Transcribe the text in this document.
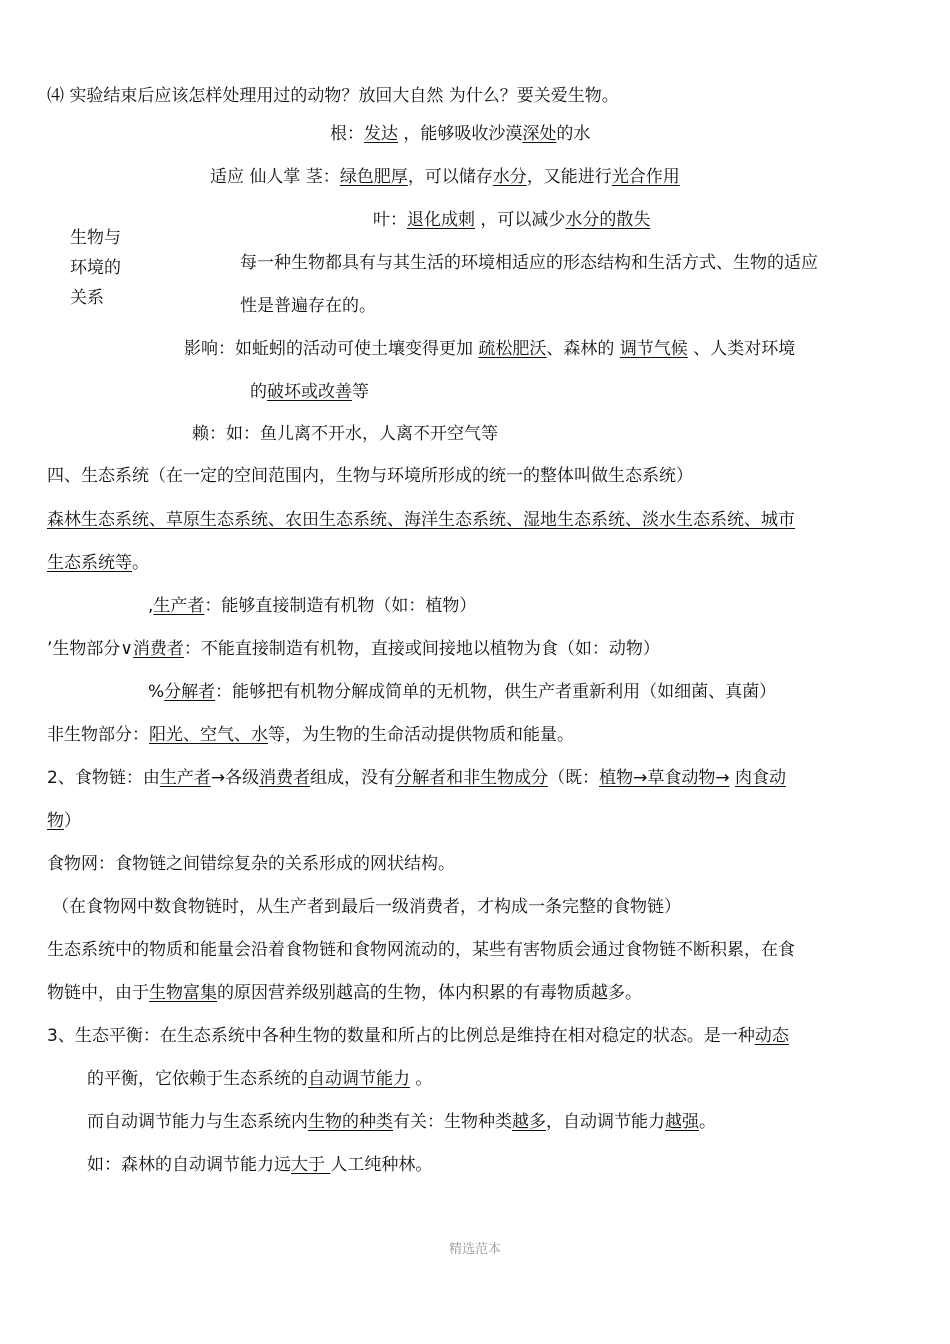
⑷ 实验结束后应该怎样处理用过的动物？放回大自然 为什么？要关爱生物。
根：发达 ，能够吸收沙漠深处的水
适应 仙人掌 茎：绿色肥厚，可以储存水分，又能进行光合作用
叶：退化成刺 ，可以减少水分的散失
生物与
环境的
关系
每一种生物都具有与其生活的环境相适应的形态结构和生活方式、生物的适应
性是普遍存在的。
影响：如蚯蚓的活动可使土壤变得更加 疏松肥沃、森林的 调节气候 、人类对环境
的破坏或改善等
赖：如：鱼儿离不开水，人离不开空气等
四、生态系统（在一定的空间范围内，生物与环境所形成的统一的整体叫做生态系统）
森林生态系统、草原生态系统、农田生态系统、海洋生态系统、湿地生态系统、淡水生态系统、城市
生态系统等。
,生产者：能够直接制造有机物（如：植物）
’生物部分∨消费者：不能直接制造有机物，直接或间接地以植物为食（如：动物）
%分解者：能够把有机物分解成简单的无机物，供生产者重新利用（如细菌、真菌）
非生物部分：阳光、空气、水等，为生物的生命活动提供物质和能量。
2、食物链：由生产者→各级消费者组成，没有分解者和非生物成分（既：植物→草食动物→ 肉食动
物）
食物网：食物链之间错综复杂的关系形成的网状结构。
（在食物网中数食物链时，从生产者到最后一级消费者，才构成一条完整的食物链）
生态系统中的物质和能量会沿着食物链和食物网流动的，某些有害物质会通过食物链不断积累，在食
物链中，由于生物富集的原因营养级别越高的生物，体内积累的有毒物质越多。
3、生态平衡：在生态系统中各种生物的数量和所占的比例总是维持在相对稳定的状态。是一种动态
的平衡，它依赖于生态系统的自动调节能力 。
而自动调节能力与生态系统内生物的种类有关：生物种类越多，自动调节能力越强。
如：森林的自动调节能力远大于 人工纯种林。
精选范本
